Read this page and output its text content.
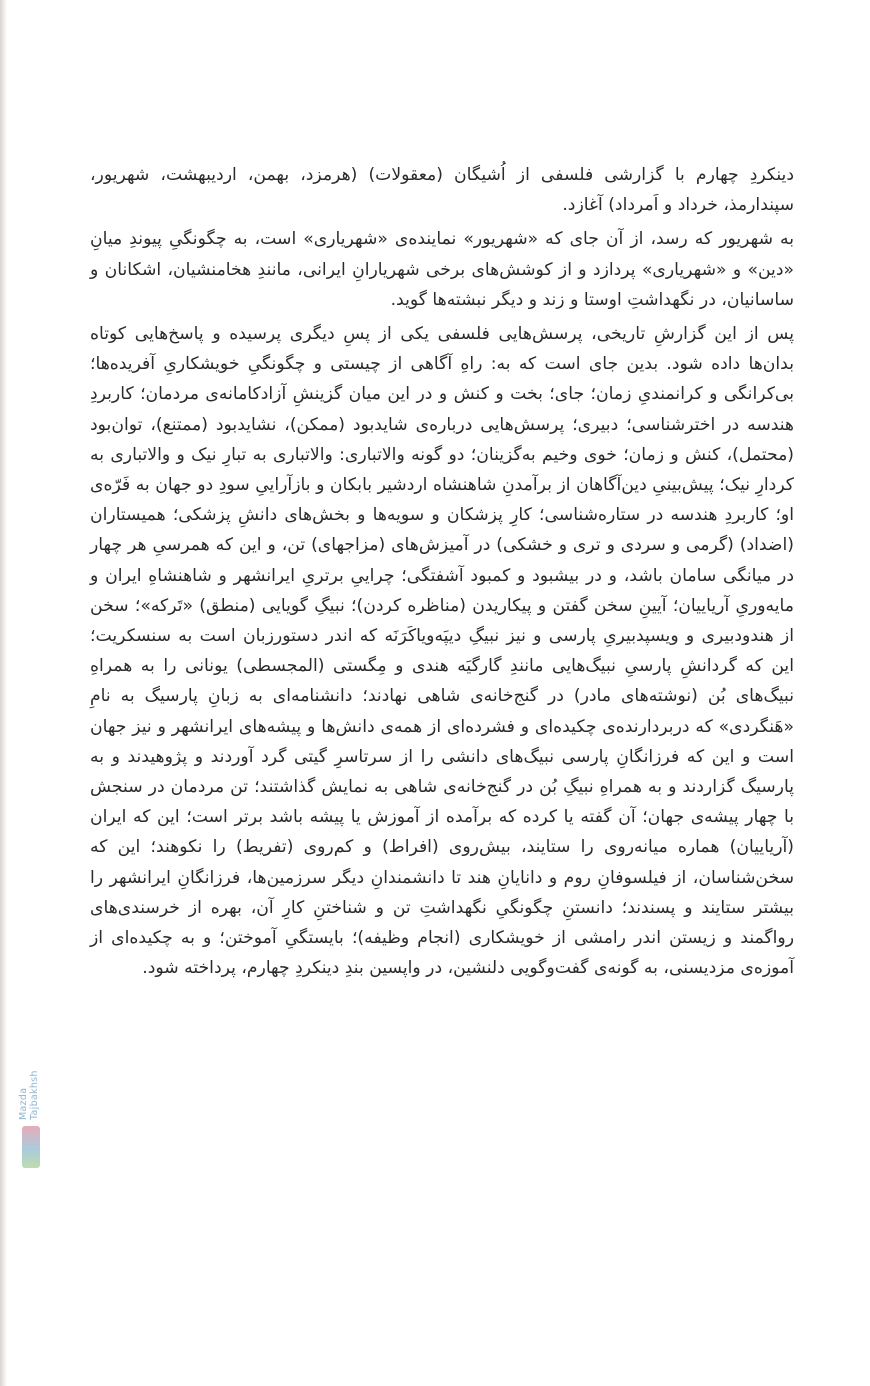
دینکردِ چهارم با گزارشی فلسفی از اُشیگان (معقولات) (هرمزد، بهمن، اردیبهشت، شهریور، سپندارمذ، خرداد و اَمرداد) آغازد.

به شهریور که رسد، از آن جای که «شهریور» نماینده‌ی «شهریاری» است، به چگونگیِ پیوندِ میانِ «دین» و «شهریاری» پردازد و از کوشش‌های برخی شهریارانِ ایرانی، مانندِ هخامنشیان، اشکانان و ساسانیان، در نگهداشتِ اوستا و زند و دیگر نبشته‌ها گوید.

پس از این گزارشِ تاریخی، پرسش‌هایی فلسفی یکی از پسِ دیگری پرسیده و پاسخ‌هایی کوتاه بدان‌ها داده شود. بدین جای است که به: راهِ آگاهی از چیستی و چگونگیِ خویشکاریِ آفریده‌ها؛ بی‌کرانگی و کرانمندیِ زمان؛ جای؛ بخت و کنش و در این میان گزینشِ آزادکامانه‌ی مردمان؛ کاربردِ هندسه در اخترشناسی؛ دبیری؛ پرسش‌هایی درباره‌ی شایدبود (ممکن)، نشایدبود (ممتنع)، توان‌بود (محتمل)، کنش و زمان؛ خوی وخیم به‌گزینان؛ دو گونه والاتباری: والاتباری به تبارِ نیک و والاتباری به کردارِ نیک؛ پیش‌بینیِ دین‌آگاهان از برآمدنِ شاهنشاه اردشیر بابکان و بازآراییِ سودِ دو جهان به فَرّه‌ی او؛ کاربردِ هندسه در ستاره‌شناسی؛ کارِ پزشکان و سویه‌ها و بخش‌های دانشِ پزشکی؛ همیستاران (اضداد) (گرمی و سردی و تری و خشکی) در آمیزش‌های (مزاجهای) تن، و این که همرسیِ هر چهار در میانگی سامان باشد، و در بیشبود و کمبود آشفتگی؛ چراییِ برتریِ ایرانشهر و شاهنشاهِ ایران و مایه‌وریِ آریاییان؛ آیینِ سخن گفتن و پیکاریدن (مناظره کردن)؛ نبیگِ گویایی (منطق) «تَرکه»؛ سخن از هندودبیری و ویسپدبیریِ پارسی و نیز نبیگِ دیپَه‌ویاکَرَنَه که اندر دستورزبان است به سنسکریت؛ این که گردانشِ پارسیِ نبیگ‌هایی مانندِ گارگیَه هندی و مِگستی (المجسطی) یونانی را به همراهِ نبیگ‌های بُن (نوشته‌های مادر) در گنج‌خانه‌ی شاهی نهادند؛ دانشنامه‌ای به زبانِ پارسیگ به نامِ «هَنگردی» که دربردارنده‌ی چکیده‌ای و فشرده‌ای از همه‌ی دانش‌ها و پیشه‌های ایرانشهر و نیز جهان است و این که فرزانگانِ پارسی نبیگ‌های دانشی را از سرتاسرِ گیتی گرد آوردند و پژوهیدند و به پارسیگ گزاردند و به همراهِ نبیگِ بُن در گنج‌خانه‌ی شاهی به نمایش گذاشتند؛ تن مردمان در سنجش با چهار پیشه‌ی جهان؛ آن گفته یا کرده که برآمده از آموزش یا پیشه باشد برتر است؛ این که ایران (آریاییان) هماره میانه‌روی را ستایند، بیش‌روی (افراط) و کم‌روی (تفریط) را نکوهند؛ این که سخن‌شناسان، از فیلسوفانِ روم و دانایانِ هند تا دانشمندانِ دیگر سرزمین‌ها، فرزانگانِ ایرانشهر را بیشتر ستایند و پسندند؛ دانستنِ چگونگیِ نگهداشتِ تن و شناختنِ کارِ آن، بهره از خرسندی‌های رواگمند و زیستن اندر رامشی از خویشکاری (انجام وظیفه)؛ بایستگیِ آموختن؛ و به چکیده‌ای از آموزه‌ی مزدیسنی، به گونه‌ی گفت‌وگویی دلنشین، در واپسین بندِ دینکردِ چهارم، پرداخته شود.

Mazda Tajbakhsh
